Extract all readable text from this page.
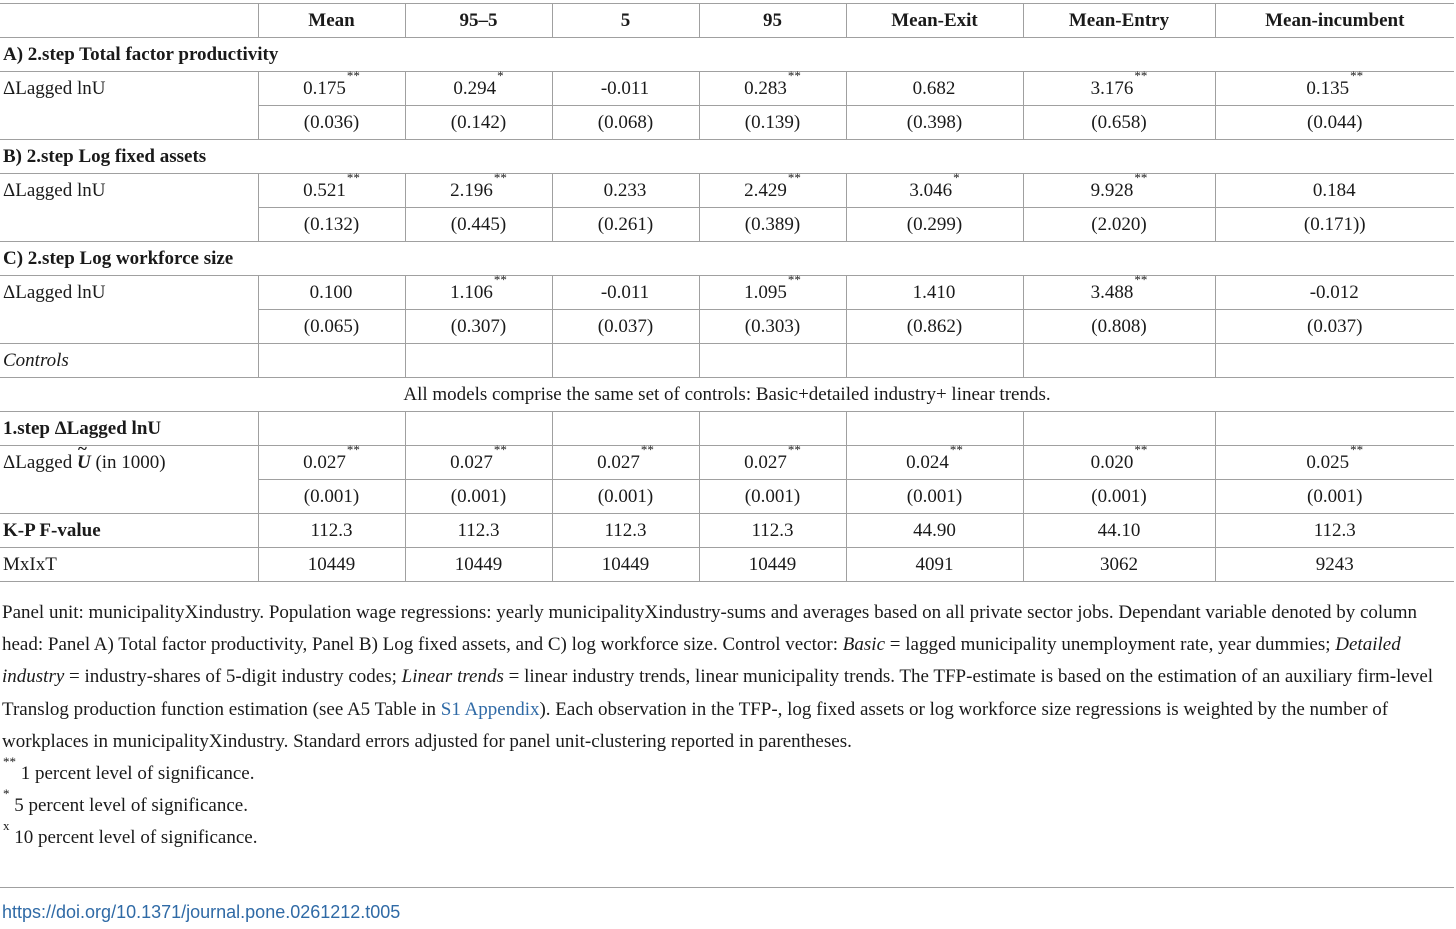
	Mean	95–5	5	95	Mean-Exit	Mean-Entry	Mean-incumbent
A) 2.step Total factor productivity							
ΔLagged lnU	0.175**	0.294*	-0.011	0.283**	0.682	3.176**	0.135**
	(0.036)	(0.142)	(0.068)	(0.139)	(0.398)	(0.658)	(0.044)
B) 2.step Log fixed assets							
ΔLagged lnU	0.521**	2.196**	0.233	2.429**	3.046*	9.928**	0.184
	(0.132)	(0.445)	(0.261)	(0.389)	(0.299)	(2.020)	(0.171))
C) 2.step Log workforce size							
ΔLagged lnU	0.100	1.106**	-0.011	1.095**	1.410	3.488**	-0.012
	(0.065)	(0.307)	(0.037)	(0.303)	(0.862)	(0.808)	(0.037)
Controls							
All models comprise the same set of controls: Basic+detailed industry+ linear trends.							
1.step ΔLagged lnU							
ΔLagged ~ U (in 1000)	0.027**	0.027**	0.027**	0.027**	0.024**	0.020**	0.025**
	(0.001)	(0.001)	(0.001)	(0.001)	(0.001)	(0.001)	(0.001)
K-P F-value	112.3	112.3	112.3	112.3	44.90	44.10	112.3
MxIxT	10449	10449	10449	10449	4091	3062	9243

Panel unit: municipalityXindustry. Population wage regressions: yearly municipalityXindustry-sums and averages based on all private sector jobs. Dependant variable denoted by column head: Panel A) Total factor productivity, Panel B) Log fixed assets, and C) log workforce size. Control vector: Basic = lagged municipality unemployment rate, year dummies; Detailed industry = industry-shares of 5-digit industry codes; Linear trends = linear industry trends, linear municipality trends. The TFP-estimate is based on the estimation of an auxiliary firm-level Translog production function estimation (see A5 Table in S1 Appendix). Each observation in the TFP-, log fixed assets or log workforce size regressions is weighted by the number of workplaces in municipalityXindustry. Standard errors adjusted for panel unit-clustering reported in parentheses.

** 1 percent level of significance.

* 5 percent level of significance.

$^x$ 10 percent level of significance.

https://doi.org/10.1371/journal.pone.0261212.t005
